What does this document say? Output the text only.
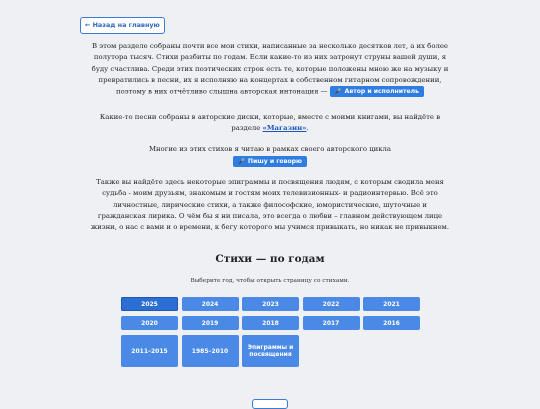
← Назад на главную
В этом разделе собраны почти все мои стихи, написанные за несколько десятков лет, а их более
полутора тысяч. Стихи разбиты по годам. Если какие-то из них затронут струны вашей души, я
буду счастлива. Среди этих поэтических строк есть те, которые положены мною же на музыку и
превратились в песни, их я исполняю на концертах в собственном гитарном сопровождении,
поэтому в них отчётливо слышна авторская интонация — 🎤 Автор и исполнитель
Какие-то песни собраны в авторские диски, которые, вместе с моими книгами, вы найдёте в
разделе «Магазин».
Многие из этих стихов я читаю в рамках своего авторского цикла
🎤 Пишу и говорю
Также вы найдёте здесь некоторые эпиграммы и посвящения людям, с которым сводила меня
судьба - моим друзьям, знакомым и гостям моих телевизионных- и радиоинтервью. Всё это
личностные, лирические стихи, а также философские, юмористические, шуточные и
гражданская лирика. О чём бы я ни писала, это всегда о любви – главном действующем лице
жизни, о нас с вами и о времени, к бегу которого мы учимся привыкать, но никак не привыкнем.
Стихи — по годам

Выберите год, чтобы открыть страницу со стихами.

2025	2024	2023	2022	2021
2020	2019	2018	2017	2016
2011–2015	1985–2010	Эпиграммы и посвящения
